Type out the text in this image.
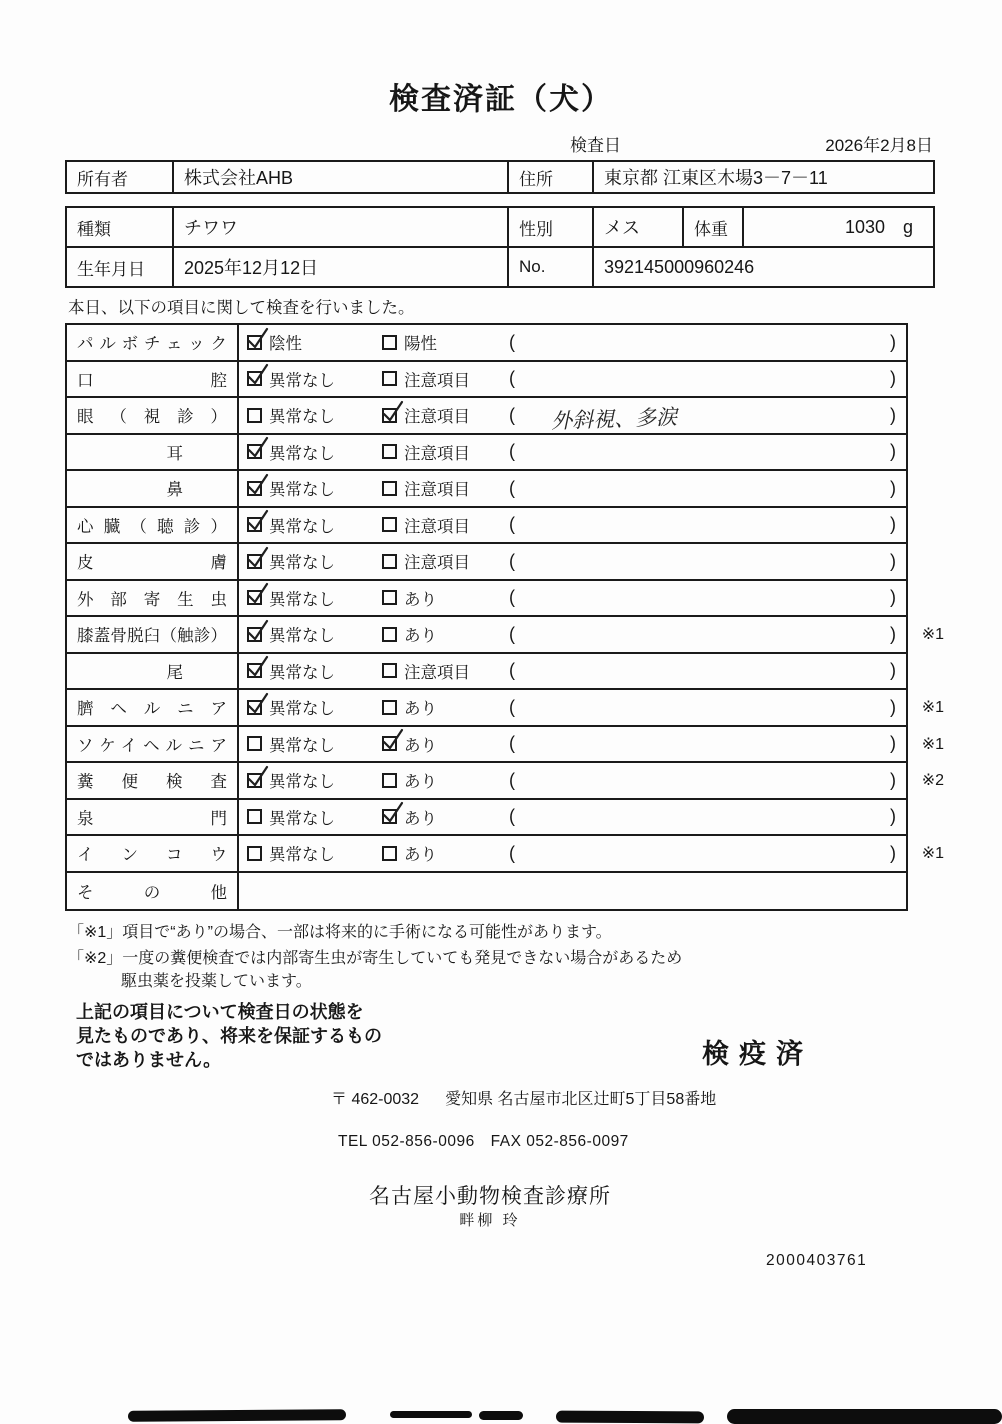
検査済証（犬）
検査日	2026年2月8日
所有者	株式会社AHB	住所	東京都 江東区木場3－7－11
種類	チワワ	性別	メス	体重	1030 g
生年月日	2025年12月12日	No.	392145000960246
本日、以下の項目に関して検査を行いました。
パルボチェック	陰性	陽性	(	)
口腔	異常なし	注意項目 (	)
眼（視診）	異常なし	注意項目 (	外斜視、多涙	)
耳	異常なし	注意項目 (	)
鼻	異常なし	注意項目 (	)
心臓（聴診）	異常なし	注意項目 (	)
皮膚	異常なし	注意項目 (	)
外部寄生虫	異常なし	あり	(	)
膝蓋骨脱臼（触診）	異常なし	あり	(	) ※1
尾	異常なし	注意項目 (	)
臍ヘルニア	異常なし	あり	(	) ※1
ソケイヘルニア	異常なし	あり	(	) ※1
糞便検査	異常なし	あり	(	) ※2
泉門	異常なし	あり	(	)
インコウ	異常なし	あり	(	) ※1
その他
「※1」項目で“あり”の場合、一部は将来的に手術になる可能性があります。
「※2」一度の糞便検査では内部寄生虫が寄生していても発見できない場合があるため
駆虫薬を投薬しています。
上記の項目について検査日の状態を
見たものであり、将来を保証するもの
ではありません。	検疫済
〒 462-0032 愛知県 名古屋市北区辻町5丁目58番地
TEL 052-856-0096　FAX 052-856-0097
名古屋小動物検査診療所
畔柳 玲
2000403761
